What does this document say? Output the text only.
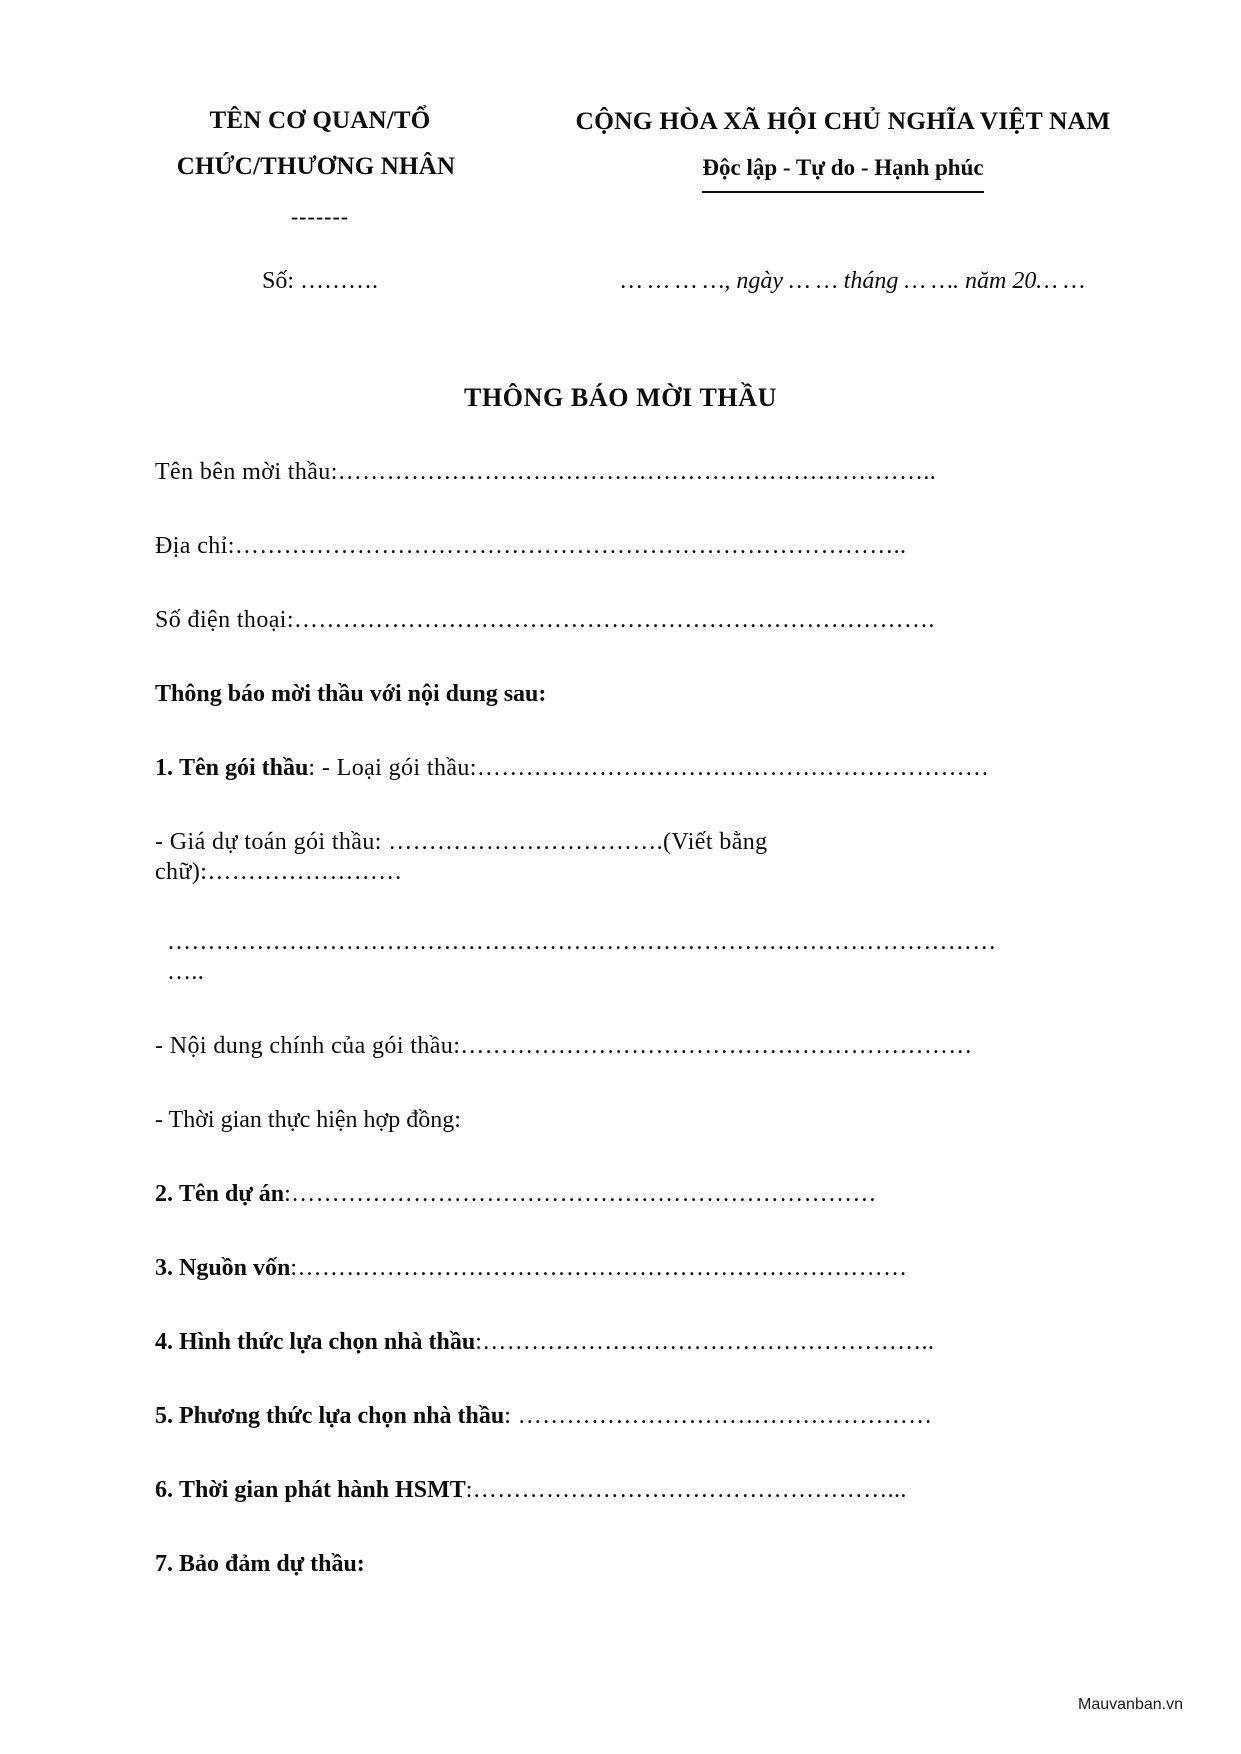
TÊN CƠ QUAN/TỔ
CHỨC/THƯƠNG NHÂN
-------
CỘNG HÒA XÃ HỘI CHỦ NGHĨA VIỆT NAM
Độc lập - Tự do - Hạnh phúc
Số: ……….	… … … …, ngày … … tháng … …. năm 20… …
THÔNG BÁO MỜI THẦU
Tên bên mời thầu:………………………………………………………………..
Địa chỉ:………………………………………………………………………..
Số điện thoại:…………………………………………………………………….
Thông báo mời thầu với nội dung sau:
1. Tên gói thầu: - Loại gói thầu:………………………………………………………
- Giá dự toán gói thầu: …………………………….(Viết bằng chữ):……………………
……………………………………………………………………………………………..
- Nội dung chính của gói thầu:………………………………………………………
- Thời gian thực hiện hợp đồng:
2. Tên dự án:………………………………………………………………
3. Nguồn vốn:…………………………………………………………………
4. Hình thức lựa chọn nhà thầu:………………………………………………..
5. Phương thức lựa chọn nhà thầu: ……………………………………………
6. Thời gian phát hành HSMT:……………………………………………...
7. Bảo đảm dự thầu:
Mauvanban.vn
